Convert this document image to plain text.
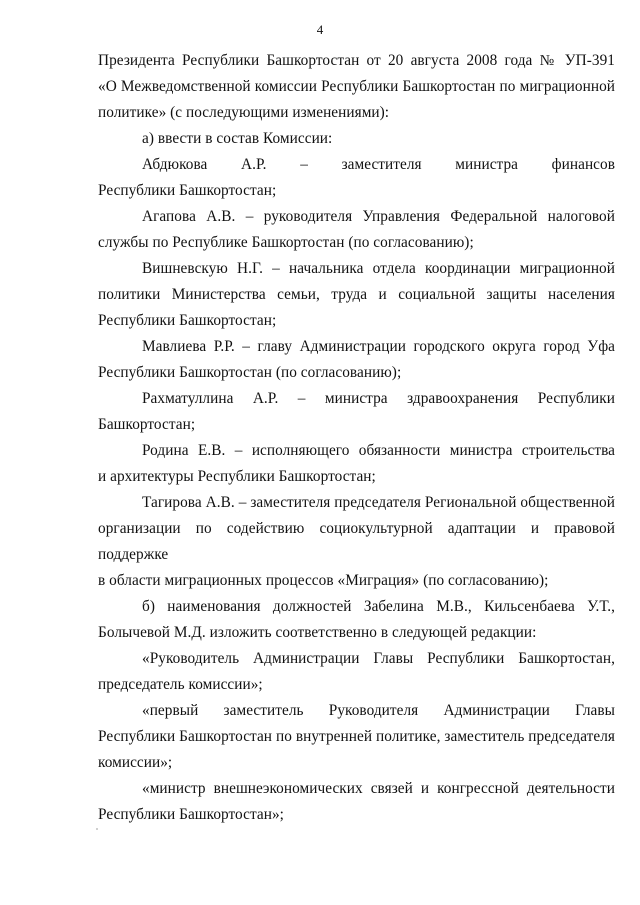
4
Президента Республики Башкортостан от 20 августа 2008 года № УП-391
«О Межведомственной комиссии Республики Башкортостан по миграционной
политике» (с последующими изменениями):
а) ввести в состав Комиссии:
Абдюкова А.Р. – заместителя министра финансов
Республики Башкортостан;
Агапова А.В. – руководителя Управления Федеральной налоговой
службы по Республике Башкортостан (по согласованию);
Вишневскую Н.Г. – начальника отдела координации миграционной
политики Министерства семьи, труда и социальной защиты населения
Республики Башкортостан;
Мавлиева Р.Р. – главу Администрации городского округа город Уфа
Республики Башкортостан (по согласованию);
Рахматуллина А.Р. – министра здравоохранения Республики
Башкортостан;
Родина Е.В. – исполняющего обязанности министра строительства
и архитектуры Республики Башкортостан;
Тагирова А.В. – заместителя председателя Региональной общественной
организации по содействию социокультурной адаптации и правовой поддержке
в области миграционных процессов «Миграция» (по согласованию);
б) наименования должностей Забелина М.В., Кильсенбаева У.Т.,
Болычевой М.Д. изложить соответственно в следующей редакции:
«Руководитель Администрации Главы Республики Башкортостан,
председатель комиссии»;
«первый заместитель Руководителя Администрации Главы
Республики Башкортостан по внутренней политике, заместитель председателя
комиссии»;
«министр внешнеэкономических связей и конгрессной деятельности
Республики Башкортостан»;
